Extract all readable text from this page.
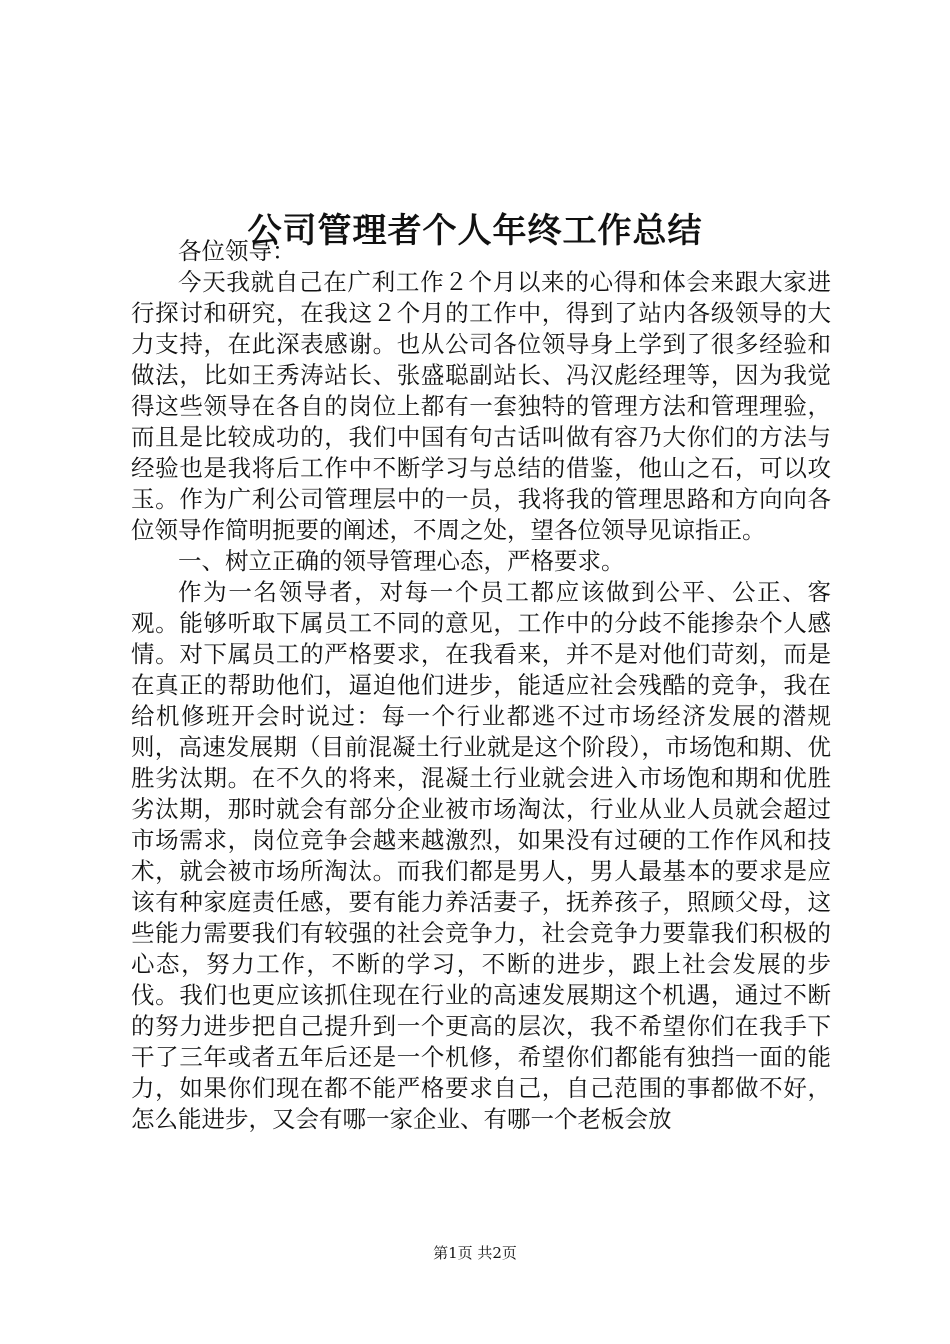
公司管理者个人年终工作总结

各位领导：

今天我就自己在广利工作２个月以来的心得和体会来跟大家进行探讨和研究，在我这２个月的工作中，得到了站内各级领导的大力支持，在此深表感谢。也从公司各位领导身上学到了很多经验和做法，比如王秀涛站长、张盛聪副站长、冯汉彪经理等，因为我觉得这些领导在各自的岗位上都有一套独特的管理方法和管理理验，而且是比较成功的，我们中国有句古话叫做有容乃大你们的方法与经验也是我将后工作中不断学习与总结的借鉴，他山之石，可以攻玉。作为广利公司管理层中的一员，我将我的管理思路和方向向各位领导作简明扼要的阐述，不周之处，望各位领导见谅指正。

一、树立正确的领导管理心态，严格要求。

作为一名领导者，对每一个员工都应该做到公平、公正、客观。能够听取下属员工不同的意见，工作中的分歧不能掺杂个人感情。对下属员工的严格要求，在我看来，并不是对他们苛刻，而是在真正的帮助他们，逼迫他们进步，能适应社会残酷的竞争，我在给机修班开会时说过：每一个行业都逃不过市场经济发展的潜规则，高速发展期（目前混凝土行业就是这个阶段），市场饱和期、优胜劣汰期。在不久的将来，混凝土行业就会进入市场饱和期和优胜劣汰期，那时就会有部分企业被市场淘汰，行业从业人员就会超过市场需求，岗位竞争会越来越激烈，如果没有过硬的工作作风和技术，就会被市场所淘汰。而我们都是男人，男人最基本的要求是应该有种家庭责任感，要有能力养活妻子，抚养孩子，照顾父母，这些能力需要我们有较强的社会竞争力，社会竞争力要靠我们积极的心态，努力工作，不断的学习，不断的进步，跟上社会发展的步伐。我们也更应该抓住现在行业的高速发展期这个机遇，通过不断的努力进步把自己提升到一个更高的层次，我不希望你们在我手下干了三年或者五年后还是一个机修，希望你们都能有独挡一面的能力，如果你们现在都不能严格要求自己，自己范围的事都做不好，怎么能进步，又会有哪一家企业、有哪一个老板会放

第1页 共2页
